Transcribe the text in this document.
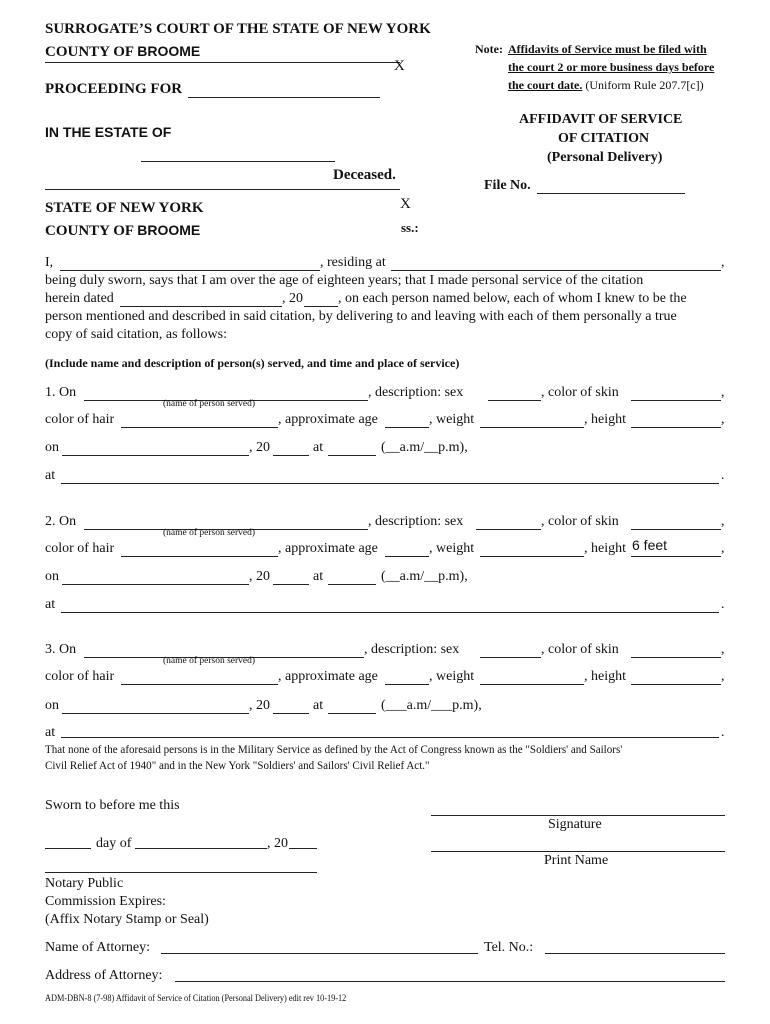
SURROGATE’S COURT OF THE STATE OF NEW YORK
COUNTY OF BROOME
X
PROCEEDING FOR
IN THE ESTATE OF
Deceased.
STATE OF NEW YORK	X
COUNTY OF BROOME	ss.:
Note: Affidavits of Service must be filed with
the court 2 or more business days before
the court date. (Uniform Rule 207.7[c])
AFFIDAVIT OF SERVICE
OF CITATION
(Personal Delivery)
File No.
I,	, residing at	,
being duly sworn, says that I am over the age of eighteen years; that I made personal service of the citation
herein dated	, 20	, on each person named below, each of whom I knew to be the
person mentioned and described in said citation, by delivering to and leaving with each of them personally a true
copy of said citation, as follows:
(Include name and description of person(s) served, and time and place of service)
1. On
(name of person served)
, description: sex	, color of skin	,
color of hair	, approximate age	, weight	, height	,
on	, 20	at	(__a.m/__p.m),
at	.
2. On
(name of person served)
, description: sex	, color of skin	,
color of hair	, approximate age	, weight	, height 6 feet	,
on	, 20	at	(__a.m/__p.m),
at	.
3. On
(name of person served)
, description: sex	, color of skin	,
color of hair	, approximate age	, weight	, height	,
on	, 20	at	(___a.m/___p.m),
at	.
That none of the aforesaid persons is in the Military Service as defined by the Act of Congress known as the "Soldiers' and Sailors'
Civil Relief Act of 1940" and in the New York "Soldiers' and Sailors' Civil Relief Act."
Sworn to before me this
Signature
day of	, 20
Print Name
Notary Public
Commission Expires:
(Affix Notary Stamp or Seal)
Name of Attorney:	Tel. No.:
Address of Attorney:
ADM-DBN-8 (7-98) Affidavit of Service of Citation (Personal Delivery) edit rev 10-19-12
